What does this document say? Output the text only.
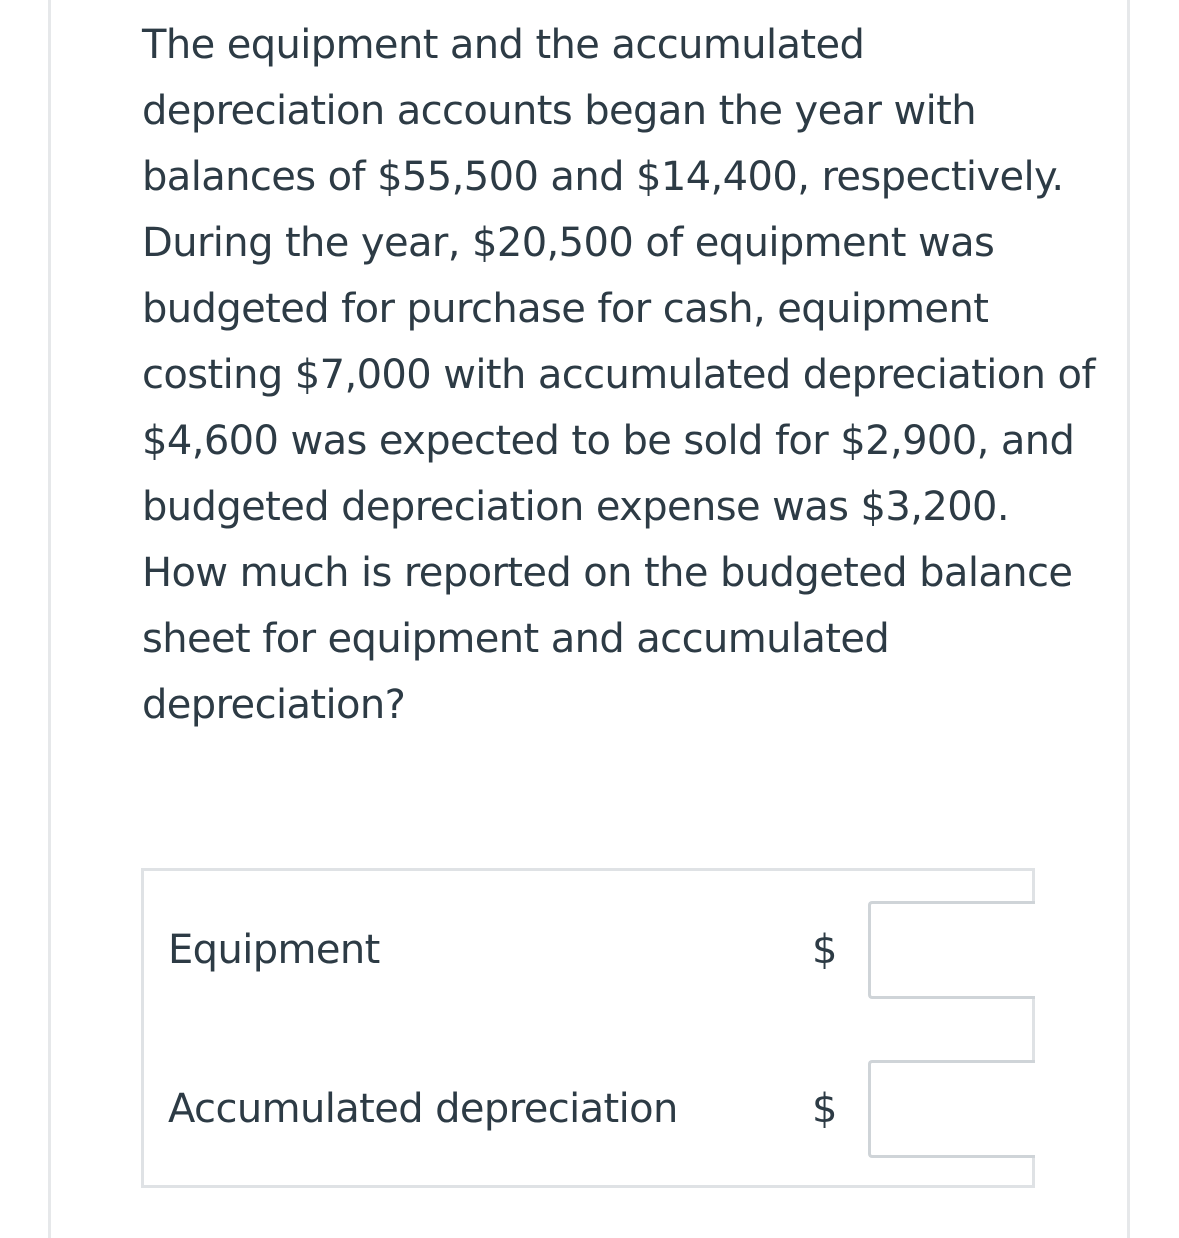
The equipment and the accumulated depreciation accounts began the year with balances of $55,500 and $14,400, respectively. During the year, $20,500 of equipment was budgeted for purchase for cash, equipment costing $7,000 with accumulated depreciation of $4,600 was expected to be sold for $2,900, and budgeted depreciation expense was $3,200. How much is reported on the budgeted balance sheet for equipment and accumulated depreciation?

Equipment	$
Accumulated depreciation	$
